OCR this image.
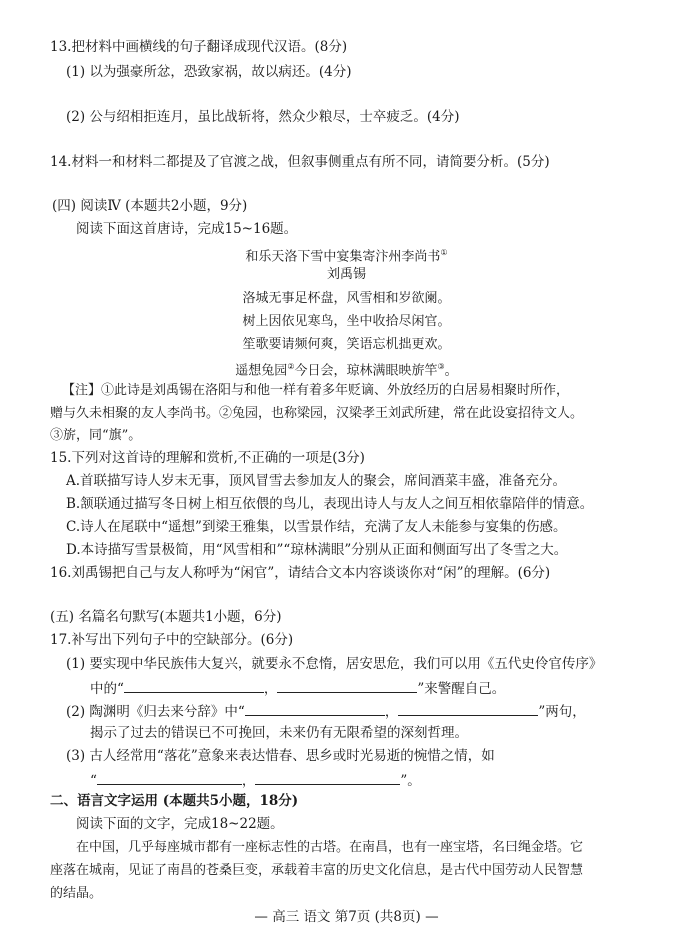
13.把材料中画横线的句子翻译成现代汉语。(8分)
(1) 以为强豪所忿，恐致家祸，故以病还。(4分)
(2) 公与绍相拒连月，虽比战斩将，然众少粮尽，士卒疲乏。(4分)
14.材料一和材料二都提及了官渡之战，但叙事侧重点有所不同，请简要分析。(5分)
(四) 阅读Ⅳ (本题共2小题，9分)
阅读下面这首唐诗，完成15~16题。
和乐天洛下雪中宴集寄汴州李尚书①
刘禹锡
洛城无事足杯盘，风雪相和岁欲阑。
树上因依见寒鸟，坐中收拾尽闲官。
笙歌要请频何爽，笑语忘机拙更欢。
遥想兔园②今日会，琼林满眼映旂竿③。
【注】①此诗是刘禹锡在洛阳与和他一样有着多年贬谪、外放经历的白居易相聚时所作，
赠与久未相聚的友人李尚书。②兔园，也称梁园，汉梁孝王刘武所建，常在此设宴招待文人。
③旂，同“旗”。
15.下列对这首诗的理解和赏析,不正确的一项是(3分)
A.首联描写诗人岁末无事，顶风冒雪去参加友人的聚会，席间酒菜丰盛，准备充分。
B.颔联通过描写冬日树上相互依偎的鸟儿，表现出诗人与友人之间互相依靠陪伴的情意。
C.诗人在尾联中“遥想”到梁王雅集，以雪景作结，充满了友人未能参与宴集的伤感。
D.本诗描写雪景极简，用“风雪相和”“琼林满眼”分别从正面和侧面写出了冬雪之大。
16.刘禹锡把自己与友人称呼为“闲官”，请结合文本内容谈谈你对“闲”的理解。(6分)
(五) 名篇名句默写(本题共1小题，6分)
17.补写出下列句子中的空缺部分。(6分)
(1) 要实现中华民族伟大复兴，就要永不怠惰，居安思危，我们可以用《五代史伶官传序》
中的“	，	”来警醒自己。
(2) 陶渊明《归去来兮辞》中“	，	”两句，
揭示了过去的错误已不可挽回，未来仍有无限希望的深刻哲理。
(3) 古人经常用“落花”意象来表达惜春、思乡或时光易逝的惋惜之情，如
“	，	”。
二、语言文字运用 (本题共5小题，18分)
阅读下面的文字，完成18~22题。
在中国，几乎每座城市都有一座标志性的古塔。在南昌，也有一座宝塔，名曰绳金塔。它
座落在城南，见证了南昌的苍桑巨变，承载着丰富的历史文化信息，是古代中国劳动人民智慧
的结晶。
— 高三 语文 第7页 (共8页) —
